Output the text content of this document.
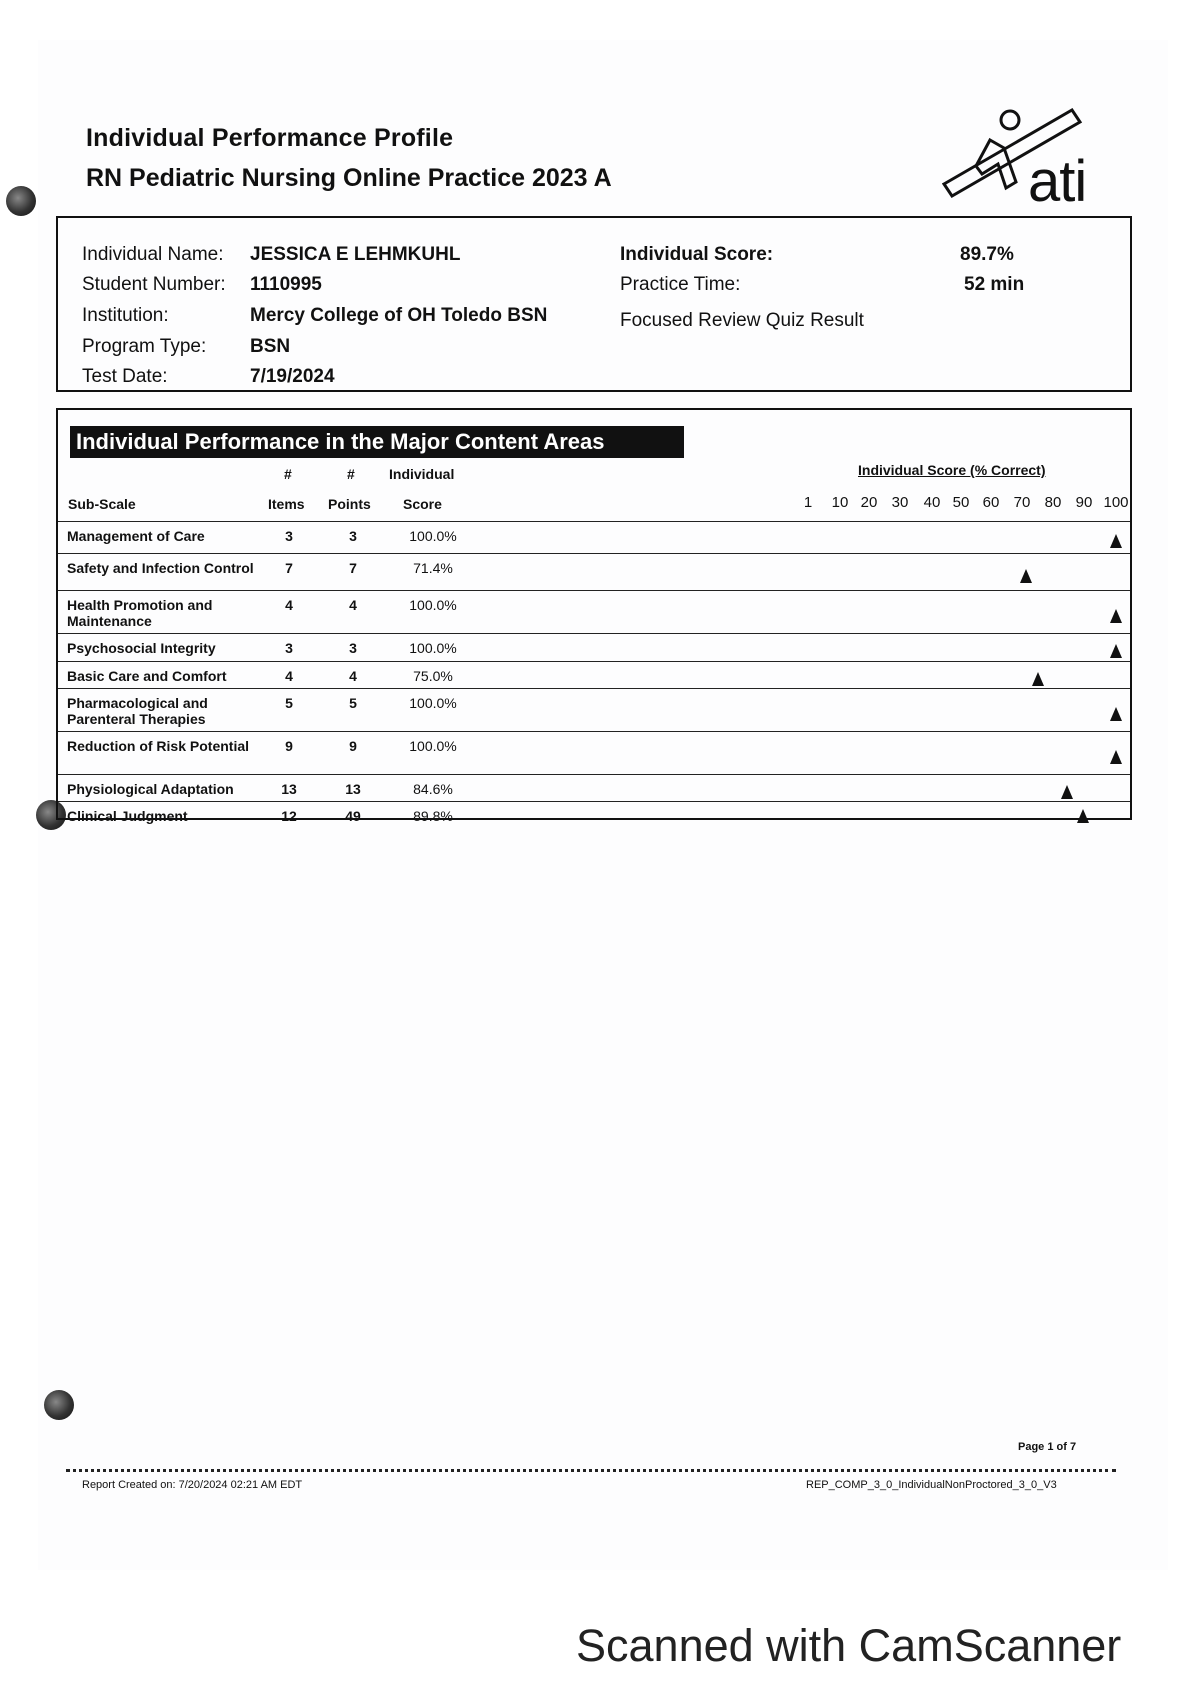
Individual Performance Profile
RN Pediatric Nursing Online Practice 2023 A	ati
Individual Name: JESSICA E LEHMKUHL
Student Number: 1110995
Institution:	Mercy College of OH Toledo BSN
Program Type: BSN
Test Date:	7/19/2024
Individual Score:	89.7%
Practice Time:	52 min
Focused Review Quiz Result
Individual Performance in the Major Content Areas
#	# Individual
Sub-Scale	Items Points Score
Individual Score (% Correct)
1 10 20 30 40 50 60 70 80 90 100
Management of Care	3	3	100.0%
Safety and Infection Control	7	7	71.4%
Health Promotion and Maintenance
4	4	100.0%
Psychosocial Integrity	3	3	100.0%
Basic Care and Comfort	4	4	75.0%
Pharmacological and Parenteral Therapies
5	5	100.0%
Reduction of Risk Potential	9	9	100.0%
Physiological Adaptation	13	13	84.6%
Clinical Judgment	12	49	89.8%
Page 1 of 7
Report Created on: 7/20/2024 02:21 AM EDT	REP_COMP_3_0_IndividualNonProctored_3_0_V3
Scanned with CamScanner
